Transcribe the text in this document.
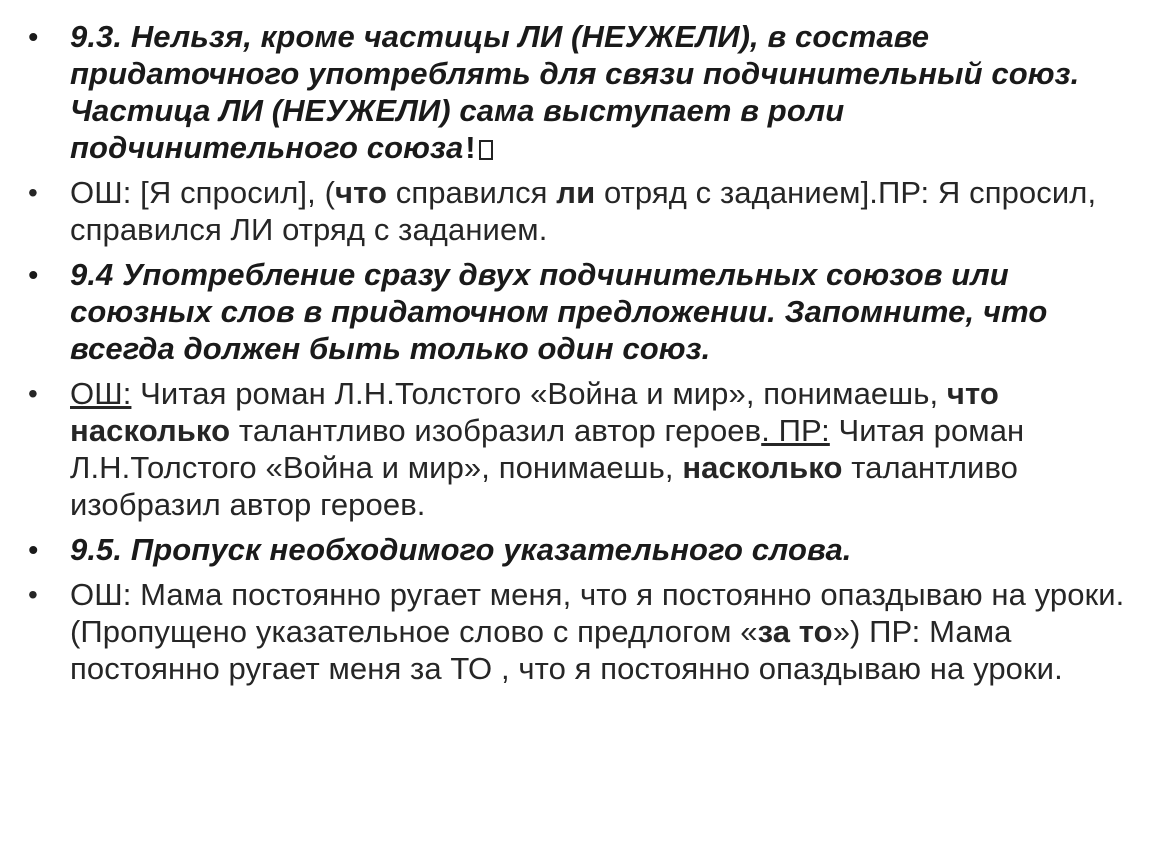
•	9.3. Нельзя, кроме частицы ЛИ (НЕУЖЕЛИ), в составе придаточного употреблять для связи подчинительный союз. Частица ЛИ (НЕУЖЕЛИ) сама выступает в роли подчинительного союза!
•	ОШ: [Я спросил], (что справился ли отряд с заданием].ПР: Я спросил, справился ЛИ отряд с заданием.
•	9.4 Употребление сразу двух подчинительных союзов или союзных слов в придаточном предложении. Запомните, что всегда должен быть только один союз.
•	ОШ: Читая роман Л.Н.Толстого «Война и мир», понимаешь, что насколько талантливо изобразил автор героев. ПР: Читая роман Л.Н.Толстого «Война и мир», понимаешь, насколько талантливо изобразил автор героев.
•	9.5. Пропуск необходимого указательного слова.
•	ОШ: Мама постоянно ругает меня, что я постоянно опаздываю на уроки. (Пропущено указательное слово с предлогом «за то») ПР: Мама постоянно ругает меня за ТО , что я постоянно опаздываю на уроки.
